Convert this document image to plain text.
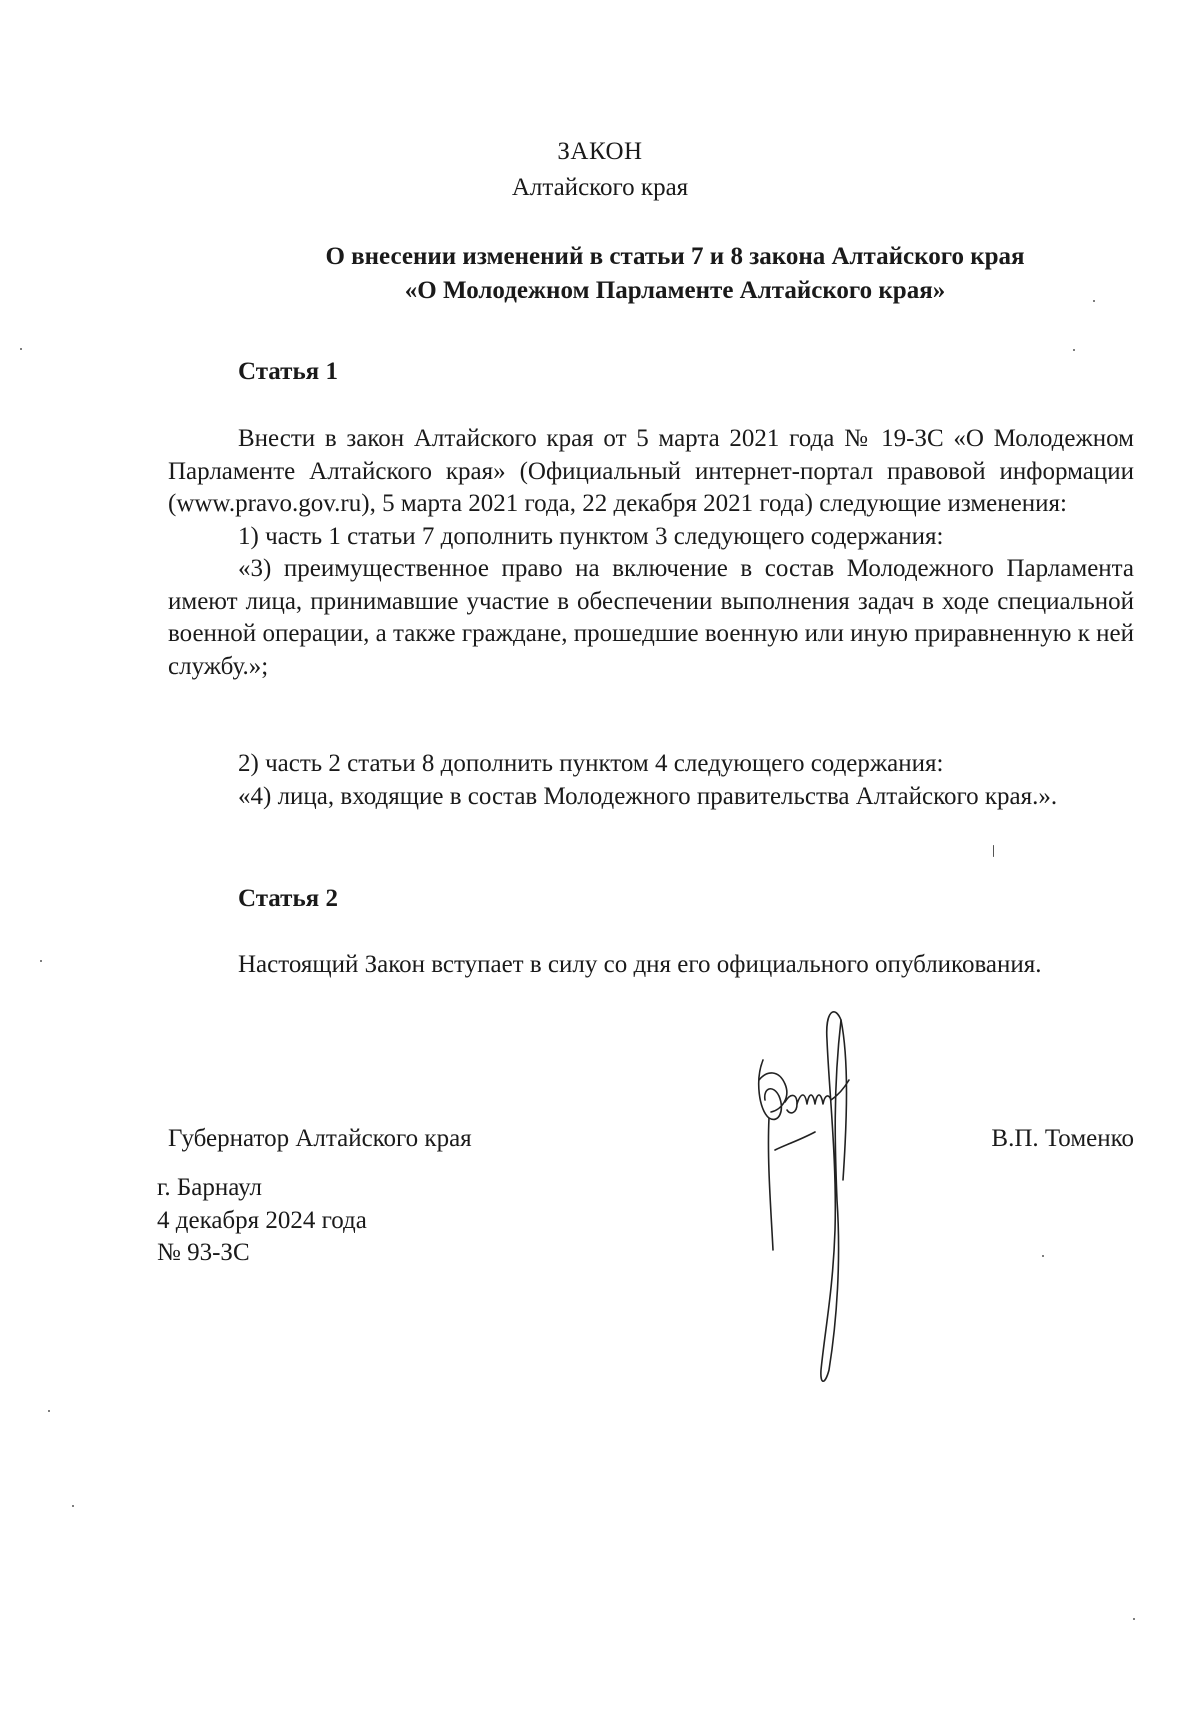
ЗАКОН
Алтайского края
О внесении изменений в статьи 7 и 8 закона Алтайского края
«О Молодежном Парламенте Алтайского края»
Статья 1

Внести в закон Алтайского края от 5 марта 2021 года № 19-ЗС «О Молодежном Парламенте Алтайского края» (Официальный интернет-портал правовой информации (www.pravo.gov.ru), 5 марта 2021 года, 22 декабря 2021 года) следующие изменения:

1) часть 1 статьи 7 дополнить пунктом 3 следующего содержания:

«3) преимущественное право на включение в состав Молодежного Парламента имеют лица, принимавшие участие в обеспечении выполнения задач в ходе специальной военной операции, а также граждане, прошедшие военную или иную приравненную к ней службу.»;

2) часть 2 статьи 8 дополнить пунктом 4 следующего содержания:

«4) лица, входящие в состав Молодежного правительства Алтайского края.».

Статья 2

Настоящий Закон вступает в силу со дня его официального опубликования.

Губернатор Алтайского края	В.П. Томенко
г. Барнаул
4 декабря 2024 года
№ 93-ЗС
